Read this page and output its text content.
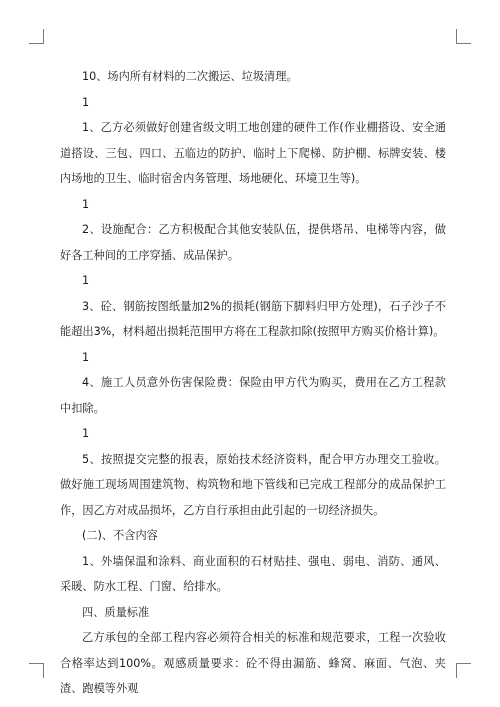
10、场内所有材料的二次搬运、垃圾清理。

1

1、乙方必须做好创建省级文明工地创建的硬件工作(作业棚搭设、安全通道搭设、三包、四口、五临边的防护、临时上下爬梯、防护棚、标牌安装、楼内场地的卫生、临时宿舍内务管理、场地硬化、环境卫生等)。

1

2、设施配合：乙方积极配合其他安装队伍，提供塔吊、电梯等内容，做好各工种间的工序穿插、成品保护。

1

3、砼、钢筋按图纸量加2%的损耗(钢筋下脚料归甲方处理)，石子沙子不能超出3%，材料超出损耗范围甲方将在工程款扣除(按照甲方购买价格计算)。

1

4、施工人员意外伤害保险费：保险由甲方代为购买，费用在乙方工程款中扣除。

1

5、按照提交完整的报表，原始技术经济资料，配合甲方办理交工验收。做好施工现场周围建筑物、构筑物和地下管线和已完成工程部分的成品保护工作，因乙方对成品损坏，乙方自行承担由此引起的一切经济损失。

(二)、不含内容

1、外墙保温和涂料、商业面积的石材贴挂、强电、弱电、消防、通风、采暖、防水工程、门窗、给排水。

四、质量标准

乙方承包的全部工程内容必须符合相关的标准和规范要求，工程一次验收合格率达到100%。观感质量要求：砼不得由漏筋、蜂窝、麻面、气泡、夹渣、跑模等外观
